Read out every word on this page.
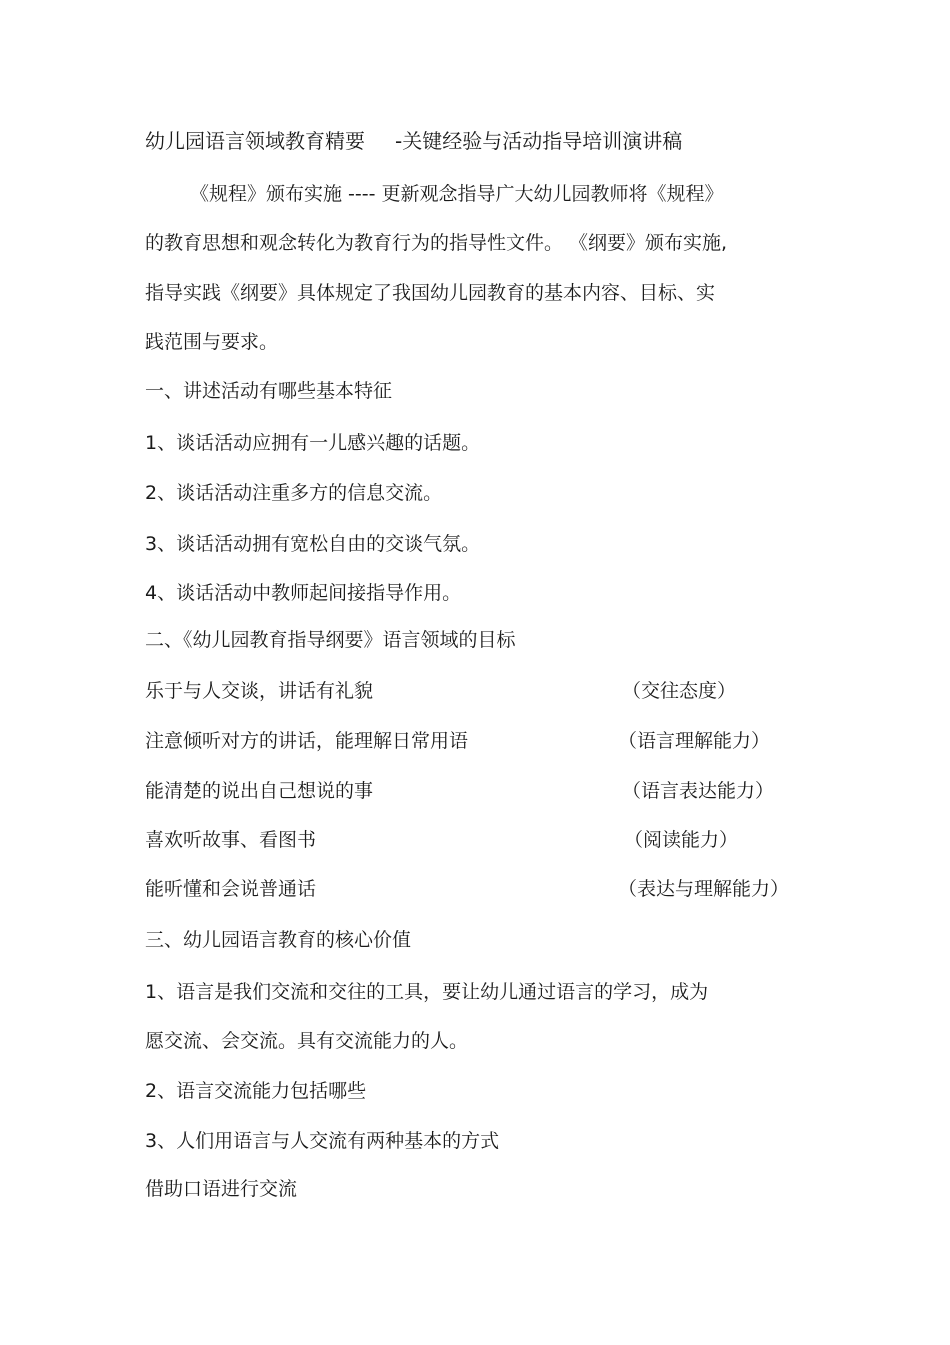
幼儿园语言领域教育精要 -关键经验与活动指导培训演讲稿
《规程》颁布实施 ---- 更新观念指导广大幼儿园教师将《规程》
的教育思想和观念转化为教育行为的指导性文件。 《纲要》颁布实施,
指导实践《纲要》具体规定了我国幼儿园教育的基本内容、目标、实
践范围与要求。
一、讲述活动有哪些基本特征
1、谈话活动应拥有一儿感兴趣的话题。
2、谈话活动注重多方的信息交流。
3、谈话活动拥有宽松自由的交谈气氛。
4、谈话活动中教师起间接指导作用。
二、《幼儿园教育指导纲要》语言领域的目标
乐于与人交谈，讲话有礼貌	（交往态度）
注意倾听对方的讲话，能理解日常用语	（语言理解能力）
能清楚的说出自己想说的事	（语言表达能力）
喜欢听故事、看图书	（阅读能力）
能听懂和会说普通话	（表达与理解能力）
三、幼儿园语言教育的核心价值
1、语言是我们交流和交往的工具，要让幼儿通过语言的学习，成为
愿交流、会交流。具有交流能力的人。
2、语言交流能力包括哪些
3、人们用语言与人交流有两种基本的方式
借助口语进行交流
